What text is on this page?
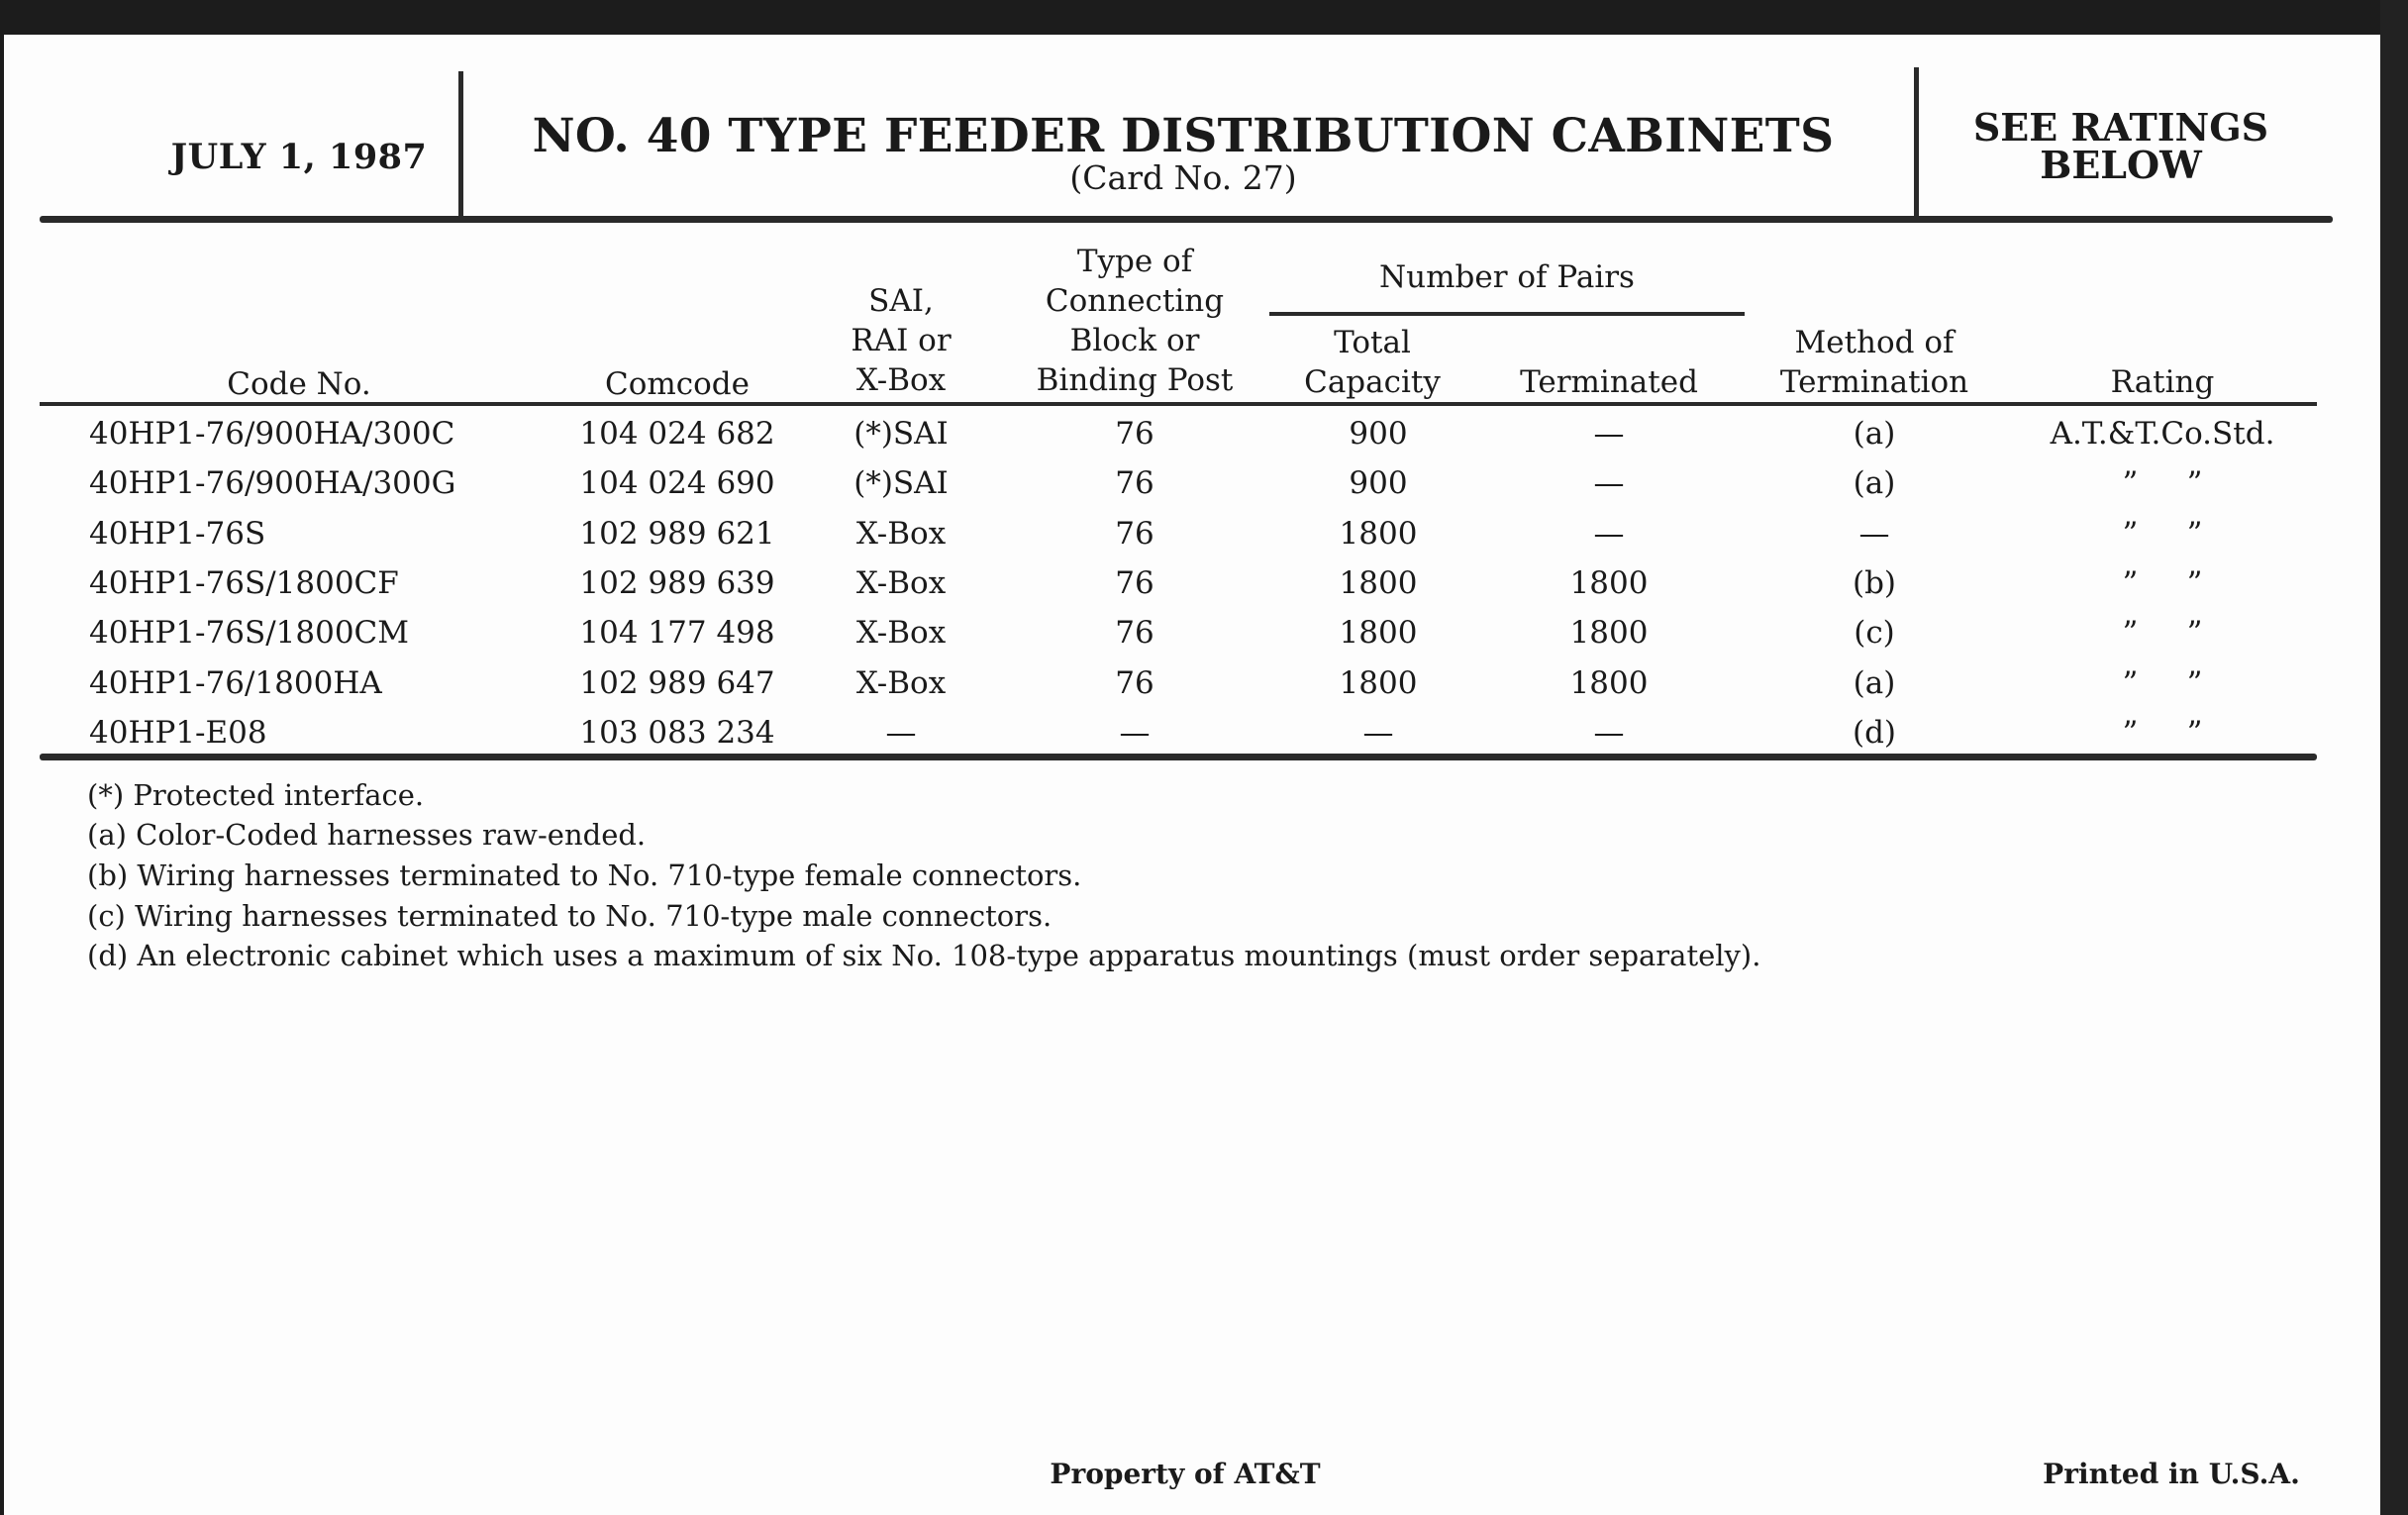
JULY 1, 1987 NO. 40 TYPE FEEDER DISTRIBUTION CABINETS
(Card No. 27)
SEE RATINGS
BELOW
Code No.	Comcode
SAI,
RAI or
X-Box
Type of
Connecting
Block or
Binding Post
Number of Pairs
Total
Capacity	Terminated
Method of
Termination	Rating
40HP1-76/900HA/300C	104 024 682	(*)SAI	76	900	—	(a)	A.T.&T.Co.Std.
40HP1-76/900HA/300G	104 024 690	(*)SAI	76	900	—	(a)	”     ”
40HP1-76S	102 989 621	X-Box	76	1800	—	—	”     ”
40HP1-76S/1800CF	102 989 639	X-Box	76	1800	1800	(b)	”     ”
40HP1-76S/1800CM	104 177 498	X-Box	76	1800	1800	(c)	”     ”
40HP1-76/1800HA	102 989 647	X-Box	76	1800	1800	(a)	”     ”
40HP1-E08	103 083 234	—	—	—	—	(d)	”     ”
(*) Protected interface.
(a) Color-Coded harnesses raw-ended.
(b) Wiring harnesses terminated to No. 710-type female connectors.
(c) Wiring harnesses terminated to No. 710-type male connectors.
(d) An electronic cabinet which uses a maximum of six No. 108-type apparatus mountings (must order separately).
Property of AT&T	Printed in U.S.A.
